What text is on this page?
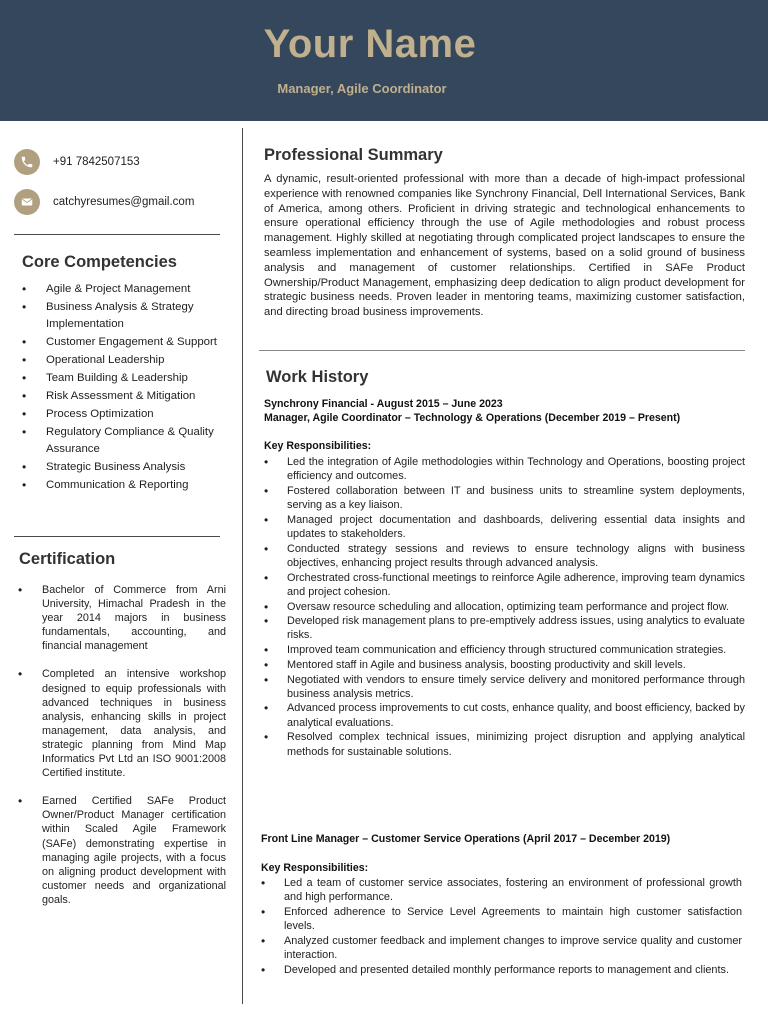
Your Name
Manager, Agile Coordinator
+91 7842507153
catchyresumes@gmail.com
Core Competencies
• Agile & Project Management
• Business Analysis & Strategy Implementation
• Customer Engagement & Support
• Operational Leadership
• Team Building & Leadership
• Risk Assessment & Mitigation
• Process Optimization
• Regulatory Compliance & Quality Assurance
• Strategic Business Analysis
• Communication & Reporting
Certification
• Bachelor of Commerce from Arni University, Himachal Pradesh in the year 2014 majors in business fundamentals, accounting, and financial management
• Completed an intensive workshop designed to equip professionals with advanced techniques in business analysis, enhancing skills in project management, data analysis, and strategic planning from Mind Map Informatics Pvt Ltd an ISO 9001:2008 Certified institute.
• Earned Certified SAFe Product Owner/Product Manager certification within Scaled Agile Framework (SAFe) demonstrating expertise in managing agile projects, with a focus on aligning product development with customer needs and organizational goals.
Professional Summary
A dynamic, result-oriented professional with more than a decade of high-impact professional experience with renowned companies like Synchrony Financial, Dell International Services, Bank of America, among others. Proficient in driving strategic and technological enhancements to ensure operational efficiency through the use of Agile methodologies and robust process management. Highly skilled at negotiating through complicated project landscapes to ensure the seamless implementation and enhancement of systems, based on a solid ground of business analysis and management of customer relationships. Certified in SAFe Product Ownership/Product Management, emphasizing deep dedication to align product development for strategic business needs. Proven leader in mentoring teams, maximizing customer satisfaction, and directing broad business improvements.
Work History
Synchrony Financial - August 2015 – June 2023
Manager, Agile Coordinator – Technology & Operations (December 2019 – Present)
Key Responsibilities:
• Led the integration of Agile methodologies within Technology and Operations, boosting project efficiency and outcomes.
• Fostered collaboration between IT and business units to streamline system deployments, serving as a key liaison.
• Managed project documentation and dashboards, delivering essential data insights and updates to stakeholders.
• Conducted strategy sessions and reviews to ensure technology aligns with business objectives, enhancing project results through advanced analysis.
• Orchestrated cross-functional meetings to reinforce Agile adherence, improving team dynamics and project cohesion.
• Oversaw resource scheduling and allocation, optimizing team performance and project flow.
• Developed risk management plans to pre-emptively address issues, using analytics to evaluate risks.
• Improved team communication and efficiency through structured communication strategies.
• Mentored staff in Agile and business analysis, boosting productivity and skill levels.
• Negotiated with vendors to ensure timely service delivery and monitored performance through business analysis metrics.
• Advanced process improvements to cut costs, enhance quality, and boost efficiency, backed by analytical evaluations.
• Resolved complex technical issues, minimizing project disruption and applying analytical methods for sustainable solutions.
Front Line Manager – Customer Service Operations (April 2017 – December 2019)
Key Responsibilities:
• Led a team of customer service associates, fostering an environment of professional growth and high performance.
• Enforced adherence to Service Level Agreements to maintain high customer satisfaction levels.
• Analyzed customer feedback and implement changes to improve service quality and customer interaction.
• Developed and presented detailed monthly performance reports to management and clients.
